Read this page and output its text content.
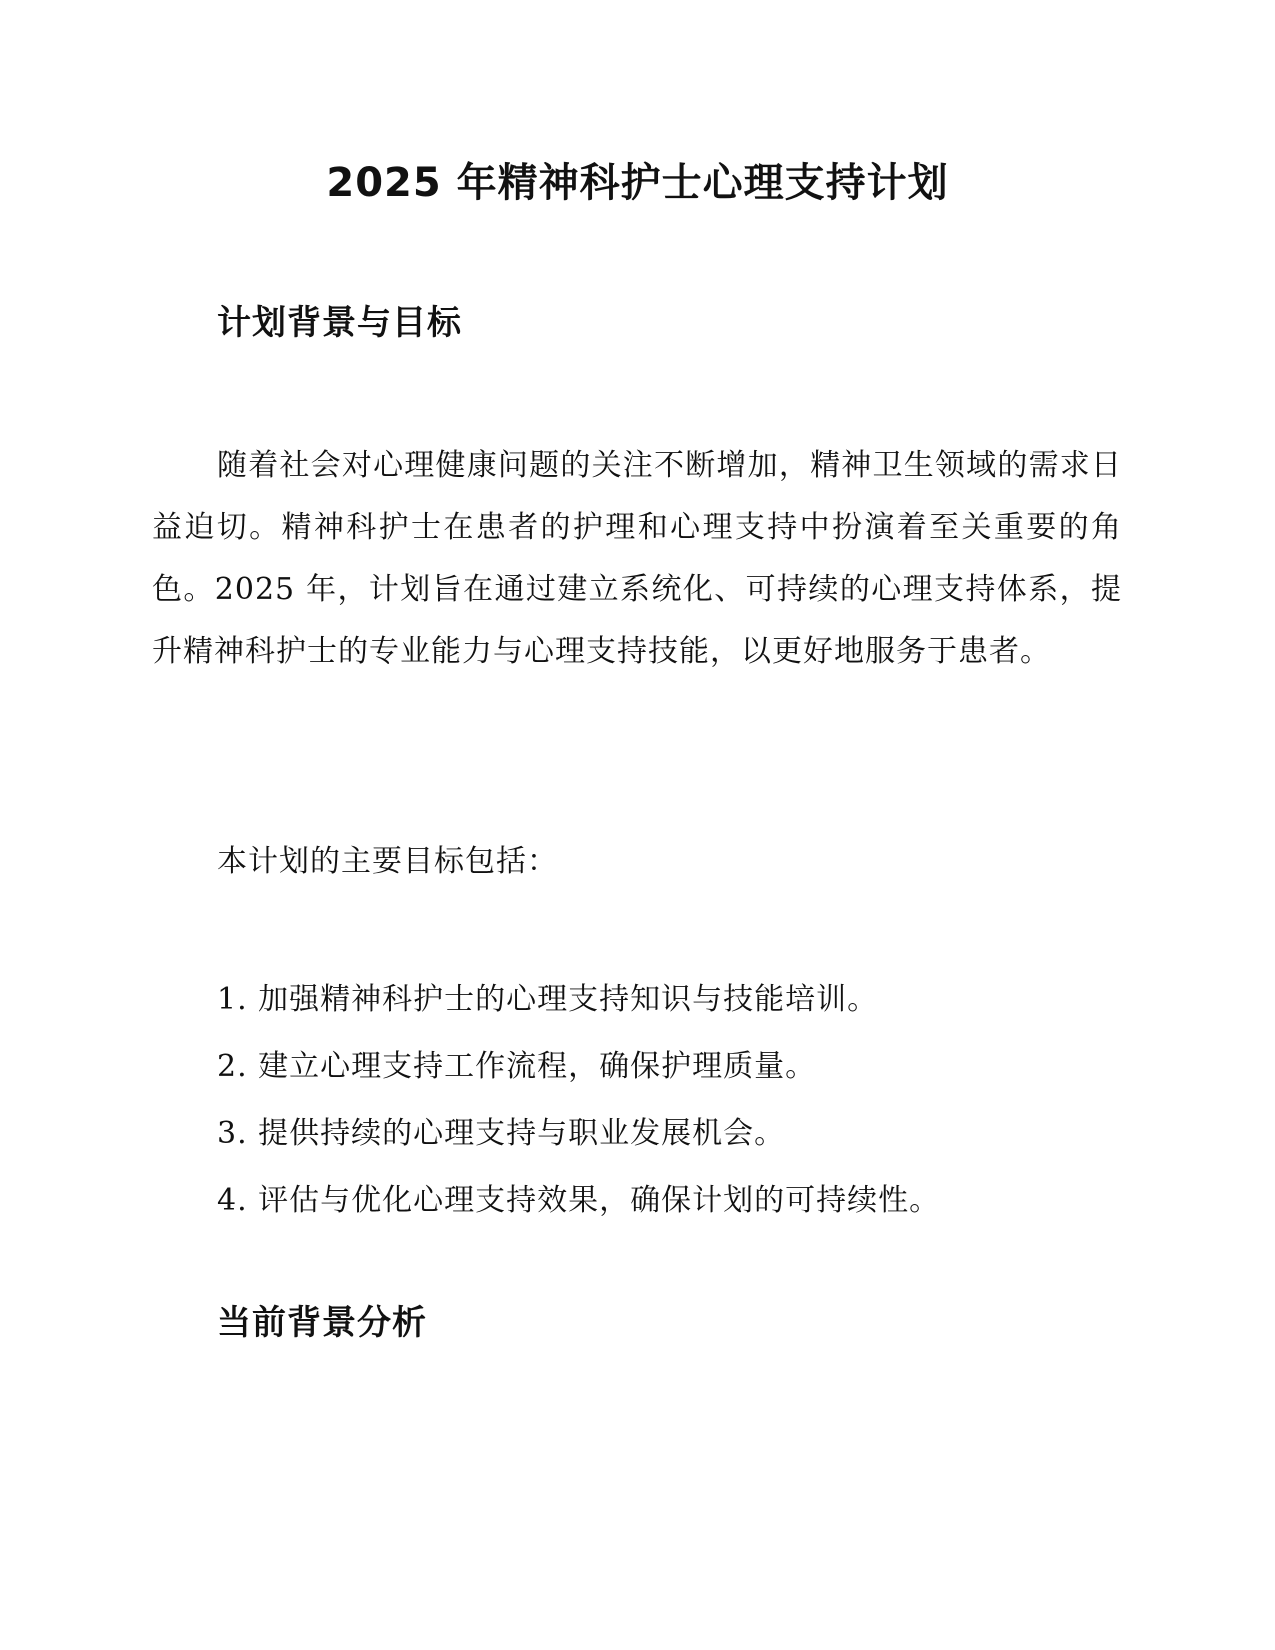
2025 年精神科护士心理支持计划
计划背景与目标

随着社会对心理健康问题的关注不断增加，精神卫生领域的需求日益迫切。精神科护士在患者的护理和心理支持中扮演着至关重要的角色。2025 年，计划旨在通过建立系统化、可持续的心理支持体系，提升精神科护士的专业能力与心理支持技能，以更好地服务于患者。

本计划的主要目标包括：

1. 加强精神科护士的心理支持知识与技能培训。
2. 建立心理支持工作流程，确保护理质量。
3. 提供持续的心理支持与职业发展机会。
4. 评估与优化心理支持效果，确保计划的可持续性。
当前背景分析
